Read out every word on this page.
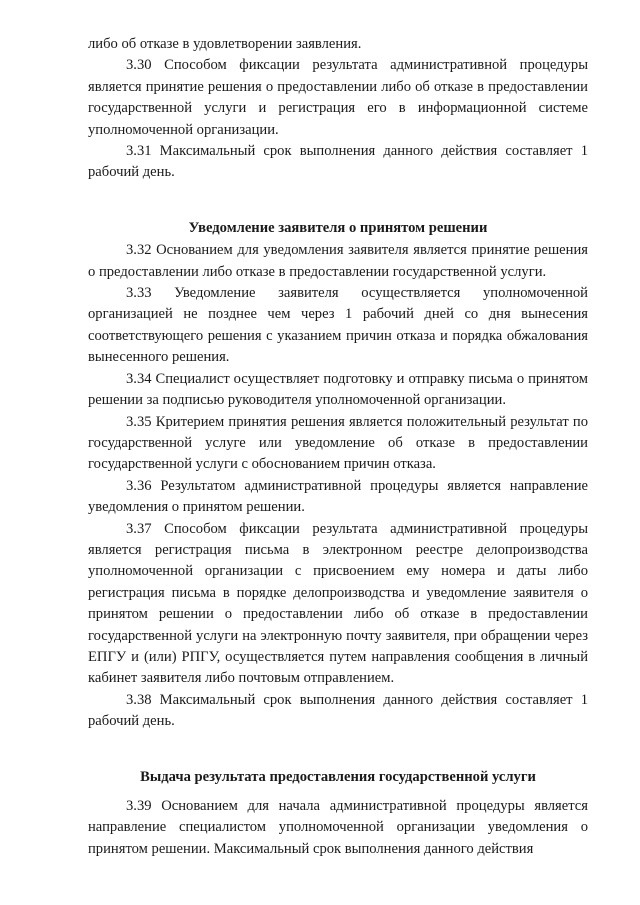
либо об отказе в удовлетворении заявления.

3.30 Способом фиксации результата административной процедуры является принятие решения о предоставлении либо об отказе в предоставлении государственной услуги и регистрация его в информационной системе уполномоченной организации.

3.31 Максимальный срок выполнения данного действия составляет 1 рабочий день.

Уведомление заявителя о принятом решении

3.32 Основанием для уведомления заявителя является принятие решения о предоставлении либо отказе в предоставлении государственной услуги.

3.33 Уведомление заявителя осуществляется уполномоченной организацией не позднее чем через 1 рабочий дней со дня вынесения соответствующего решения с указанием причин отказа и порядка обжалования вынесенного решения.

3.34 Специалист осуществляет подготовку и отправку письма о принятом решении за подписью руководителя уполномоченной организации.

3.35 Критерием принятия решения является положительный результат по государственной услуге или уведомление об отказе в предоставлении государственной услуги с обоснованием причин отказа.

3.36 Результатом административной процедуры является направление уведомления о принятом решении.

3.37 Способом фиксации результата административной процедуры является регистрация письма в электронном реестре делопроизводства уполномоченной организации с присвоением ему номера и даты либо регистрация письма в порядке делопроизводства и уведомление заявителя о принятом решении о предоставлении либо об отказе в предоставлении государственной услуги на электронную почту заявителя, при обращении через ЕПГУ и (или) РПГУ, осуществляется путем направления сообщения в личный кабинет заявителя либо почтовым отправлением.

3.38 Максимальный срок выполнения данного действия составляет 1 рабочий день.

Выдача результата предоставления государственной услуги

3.39 Основанием для начала административной процедуры является направление специалистом уполномоченной организации уведомления о принятом решении. Максимальный срок выполнения данного действия
